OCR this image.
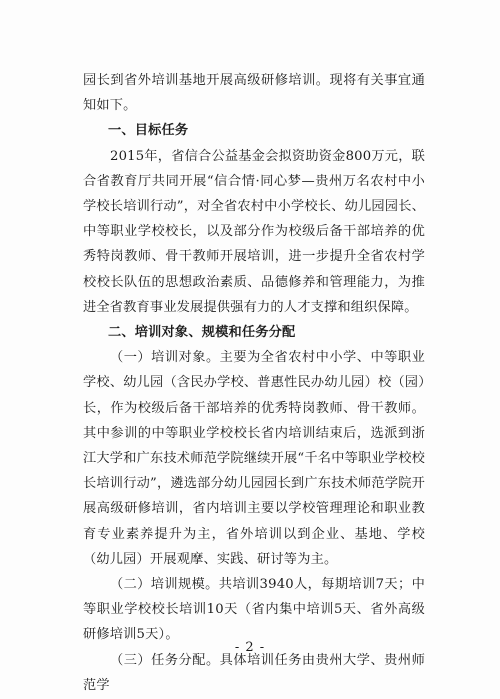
园长到省外培训基地开展高级研修培训。现将有关事宜通知如下。

一、目标任务

2015年，省信合公益基金会拟资助资金800万元，联合省教育厅共同开展“信合情·同心梦—贵州万名农村中小学校长培训行动”，对全省农村中小学校长、幼儿园园长、中等职业学校校长，以及部分作为校级后备干部培养的优秀特岗教师、骨干教师开展培训，进一步提升全省农村学校校长队伍的思想政治素质、品德修养和管理能力，为推进全省教育事业发展提供强有力的人才支撑和组织保障。

二、培训对象、规模和任务分配

（一）培训对象。主要为全省农村中小学、中等职业学校、幼儿园（含民办学校、普惠性民办幼儿园）校（园）长，作为校级后备干部培养的优秀特岗教师、骨干教师。其中参训的中等职业学校校长省内培训结束后，选派到浙江大学和广东技术师范学院继续开展“千名中等职业学校校长培训行动”，遴选部分幼儿园园长到广东技术师范学院开展高级研修培训，省内培训主要以学校管理理论和职业教育专业素养提升为主，省外培训以到企业、基地、学校（幼儿园）开展观摩、实践、研讨等为主。

（二）培训规模。共培训3940人，每期培训7天；中等职业学校校长培训10天（省内集中培训5天、省外高级研修培训5天）。

（三）任务分配。具体培训任务由贵州大学、贵州师范学

- 2 -
